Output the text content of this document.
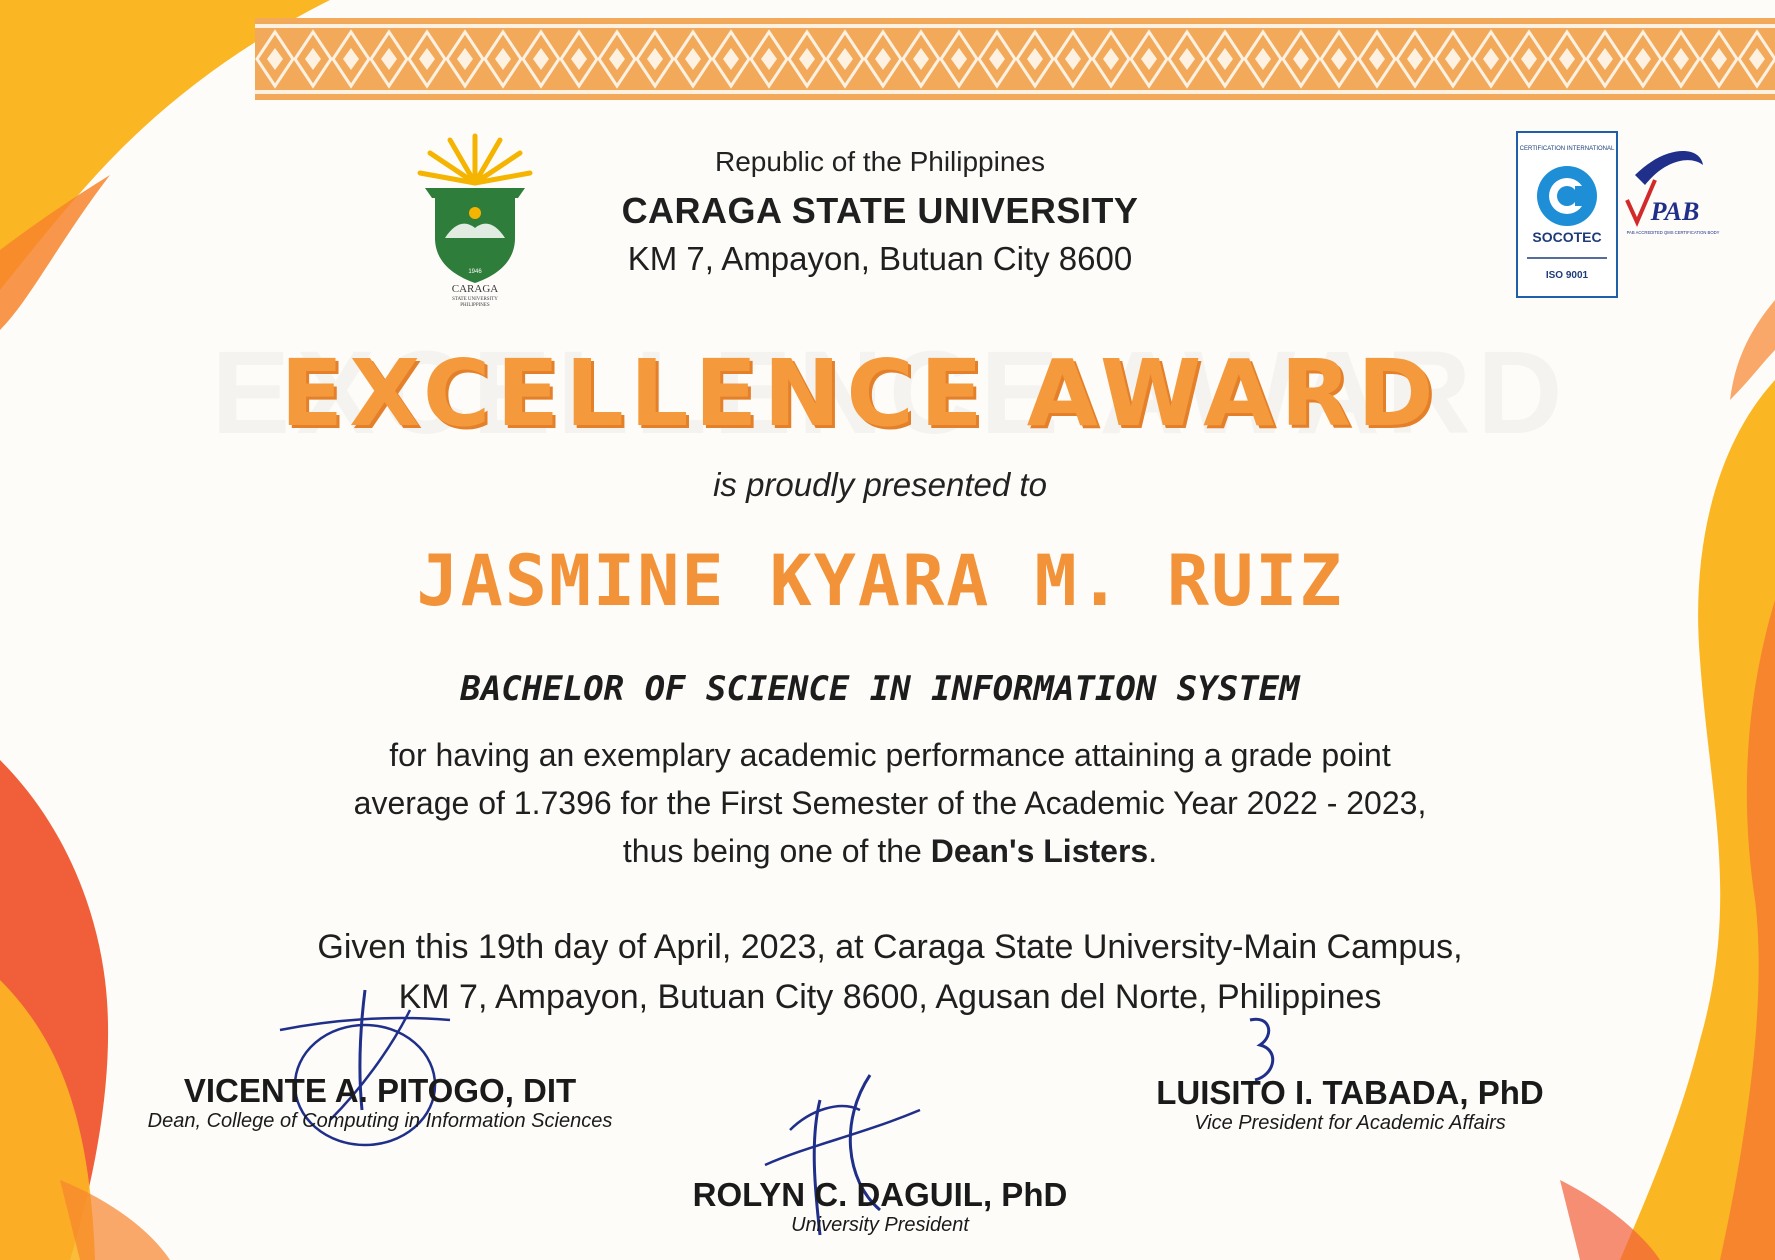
CARAGA
STATE UNIVERSITY
PHILIPPINES
1946
Republic of the Philippines
CARAGA STATE UNIVERSITY
KM 7, Ampayon, Butuan City 8600
CERTIFICATION INTERNATIONAL
SOCOTEC
ISO 9001
PAB
PAB ACCREDITED QMS CERTIFICATION BODY
EXCELLENCE AWARD
is proudly presented to
JASMINE KYARA M. RUIZ
BACHELOR OF SCIENCE IN INFORMATION SYSTEM
for having an exemplary academic performance attaining a grade point
average of 1.7396 for the First Semester of the Academic Year 2022 - 2023,
thus being one of the Dean's Listers.
Given this 19th day of April, 2023, at Caraga State University-Main Campus,
KM 7, Ampayon, Butuan City 8600, Agusan del Norte, Philippines
VICENTE A. PITOGO, DIT
Dean, College of Computing in Information Sciences
LUISITO I. TABADA, PhD
Vice President for Academic Affairs
ROLYN C. DAGUIL, PhD
University President
